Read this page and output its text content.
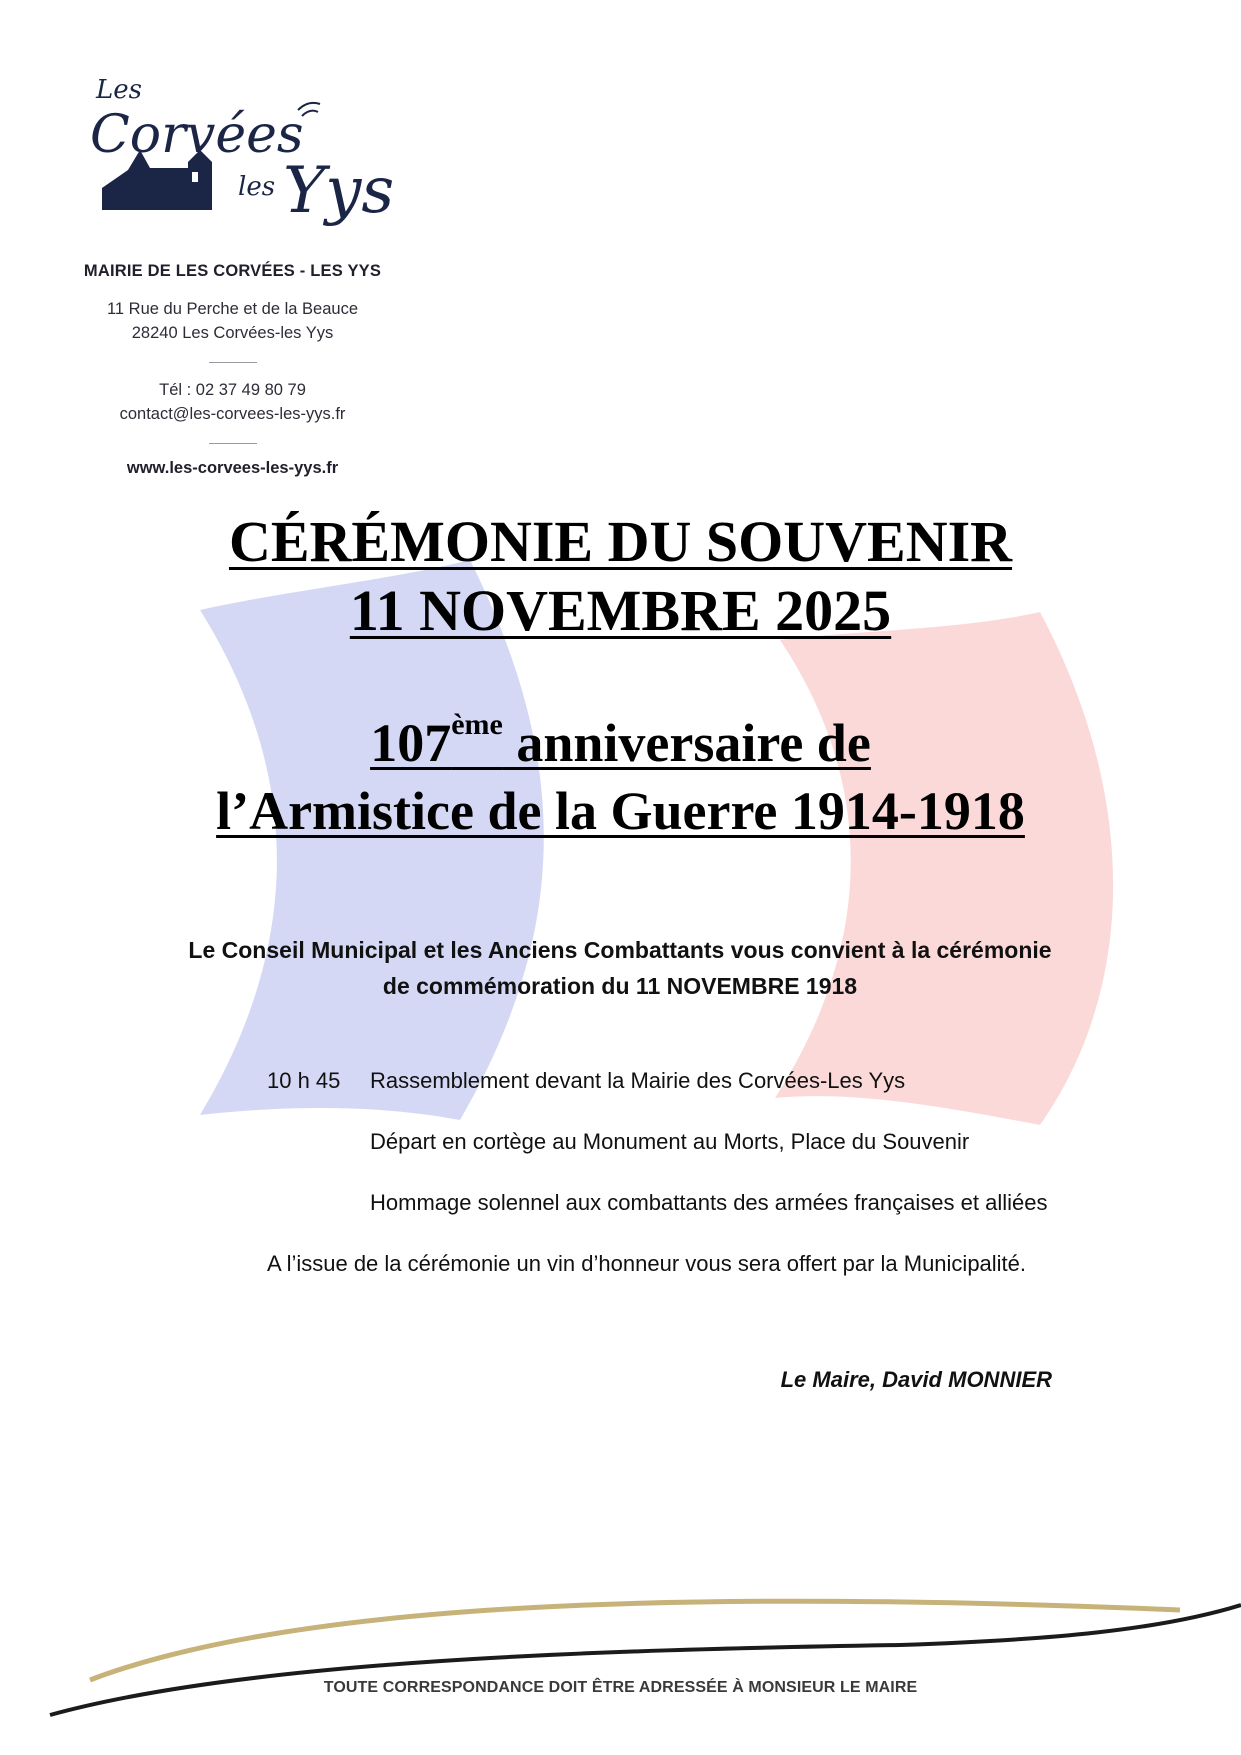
Les
Corvées
les Yys
MAIRIE DE LES CORVÉES - LES YYS
11 Rue du Perche et de la Beauce
28240 Les Corvées-les Yys
Tél : 02 37 49 80 79
contact@les-corvees-les-yys.fr
www.les-corvees-les-yys.fr
CÉRÉMONIE DU SOUVENIR
11 NOVEMBRE 2025
107ème anniversaire de
l’Armistice de la Guerre 1914-1918
Le Conseil Municipal et les Anciens Combattants vous convient à la cérémonie
de commémoration du 11 NOVEMBRE 1918
10 h 45 Rassemblement devant la Mairie des Corvées-Les Yys
Départ en cortège au Monument au Morts, Place du Souvenir
Hommage solennel aux combattants des armées françaises et alliées
A l’issue de la cérémonie un vin d’honneur vous sera offert par la Municipalité.
Le Maire, David MONNIER
TOUTE CORRESPONDANCE DOIT ÊTRE ADRESSÉE À MONSIEUR LE MAIRE
